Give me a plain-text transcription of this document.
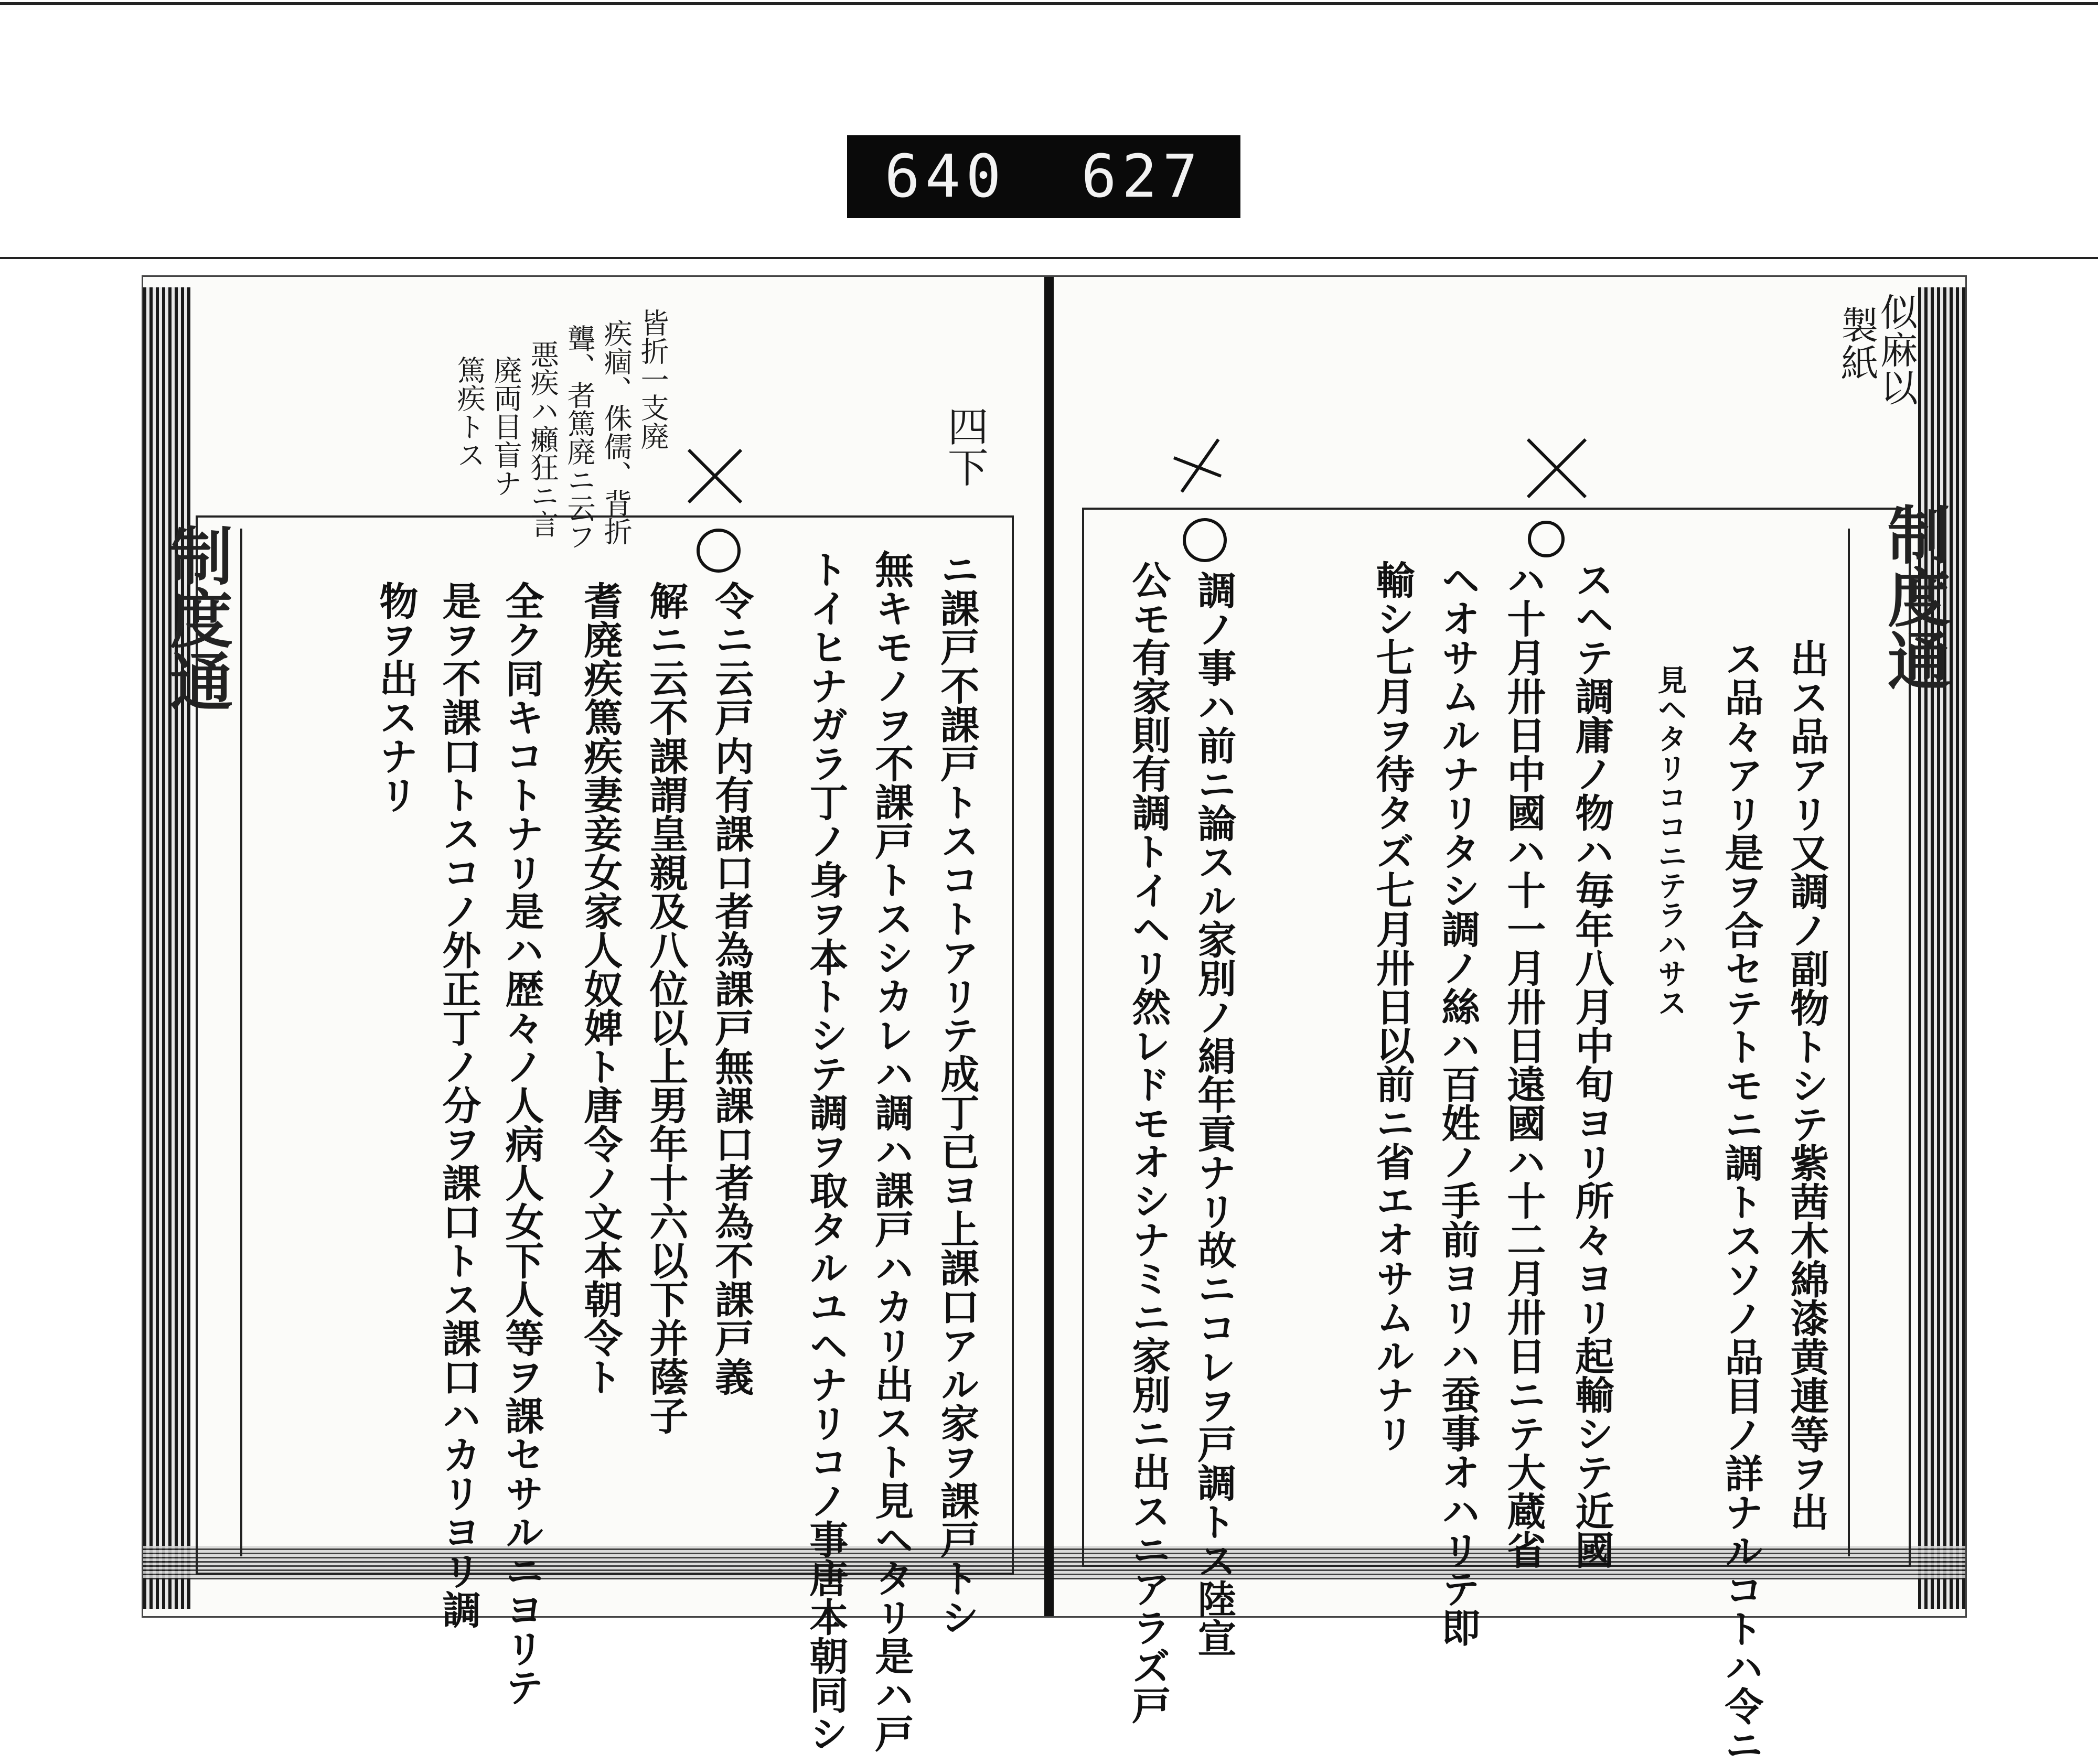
640 627
制度通	制度通
皆折一支廃
疾痼、侏儒、背折
聾、者篤廃ニ云フ
悪疾ハ癩狂ニ言
廃両目盲ナ
篤疾トス	四下
似麻以
製紙
ニ課戸不課戸トスコトアリテ成丁已ヨ上課口アル家ヲ課戸トシ
無キモノヲ不課戸トスシカレハ調ハ課戸ハカリ出スト見ヘタリ是ハ戸
トイヒナガラ丁ノ身ヲ本トシテ調ヲ取タルユヘナリコノ事唐本朝同シ
令ニ云戸内有課口者為課戸無課口者為不課戸義
解ニ云不課謂皇親及八位以上男年十六以下并蔭子
耆廃疾篤疾妻妾女家人奴婢ト唐令ノ文本朝令ト
全ク同キコトナリ是ハ歴々ノ人病人女下人等ヲ課セサルニヨリテ
是ヲ不課口トスコノ外正丁ノ分ヲ課口トス課口ハカリヨリ調
物ヲ出スナリ	出ス品アリ又調ノ副物トシテ紫茜木綿漆黄連等ヲ出
ス品々アリ是ヲ合セテトモニ調トスソノ品目ノ詳ナルコトハ令ニ
見ヘタリココニテラハサス
スヘテ調庸ノ物ハ毎年八月中旬ヨリ所々ヨリ起輸シテ近國
ハ十月卅日中國ハ十一月卅日遠國ハ十二月卅日ニテ大蔵省
ヘオサムルナリタシ調ノ絲ハ百姓ノ手前ヨリハ蚕事オハリテ即
輸シ七月ヲ待タズ七月卅日以前ニ省エオサムルナリ
調ノ事ハ前ニ論スル家別ノ絹年貢ナリ故ニコレヲ戸調トス陸宣
公モ有家則有調トイヘリ然レドモオシナミニ家別ニ出スニアラズ戸
